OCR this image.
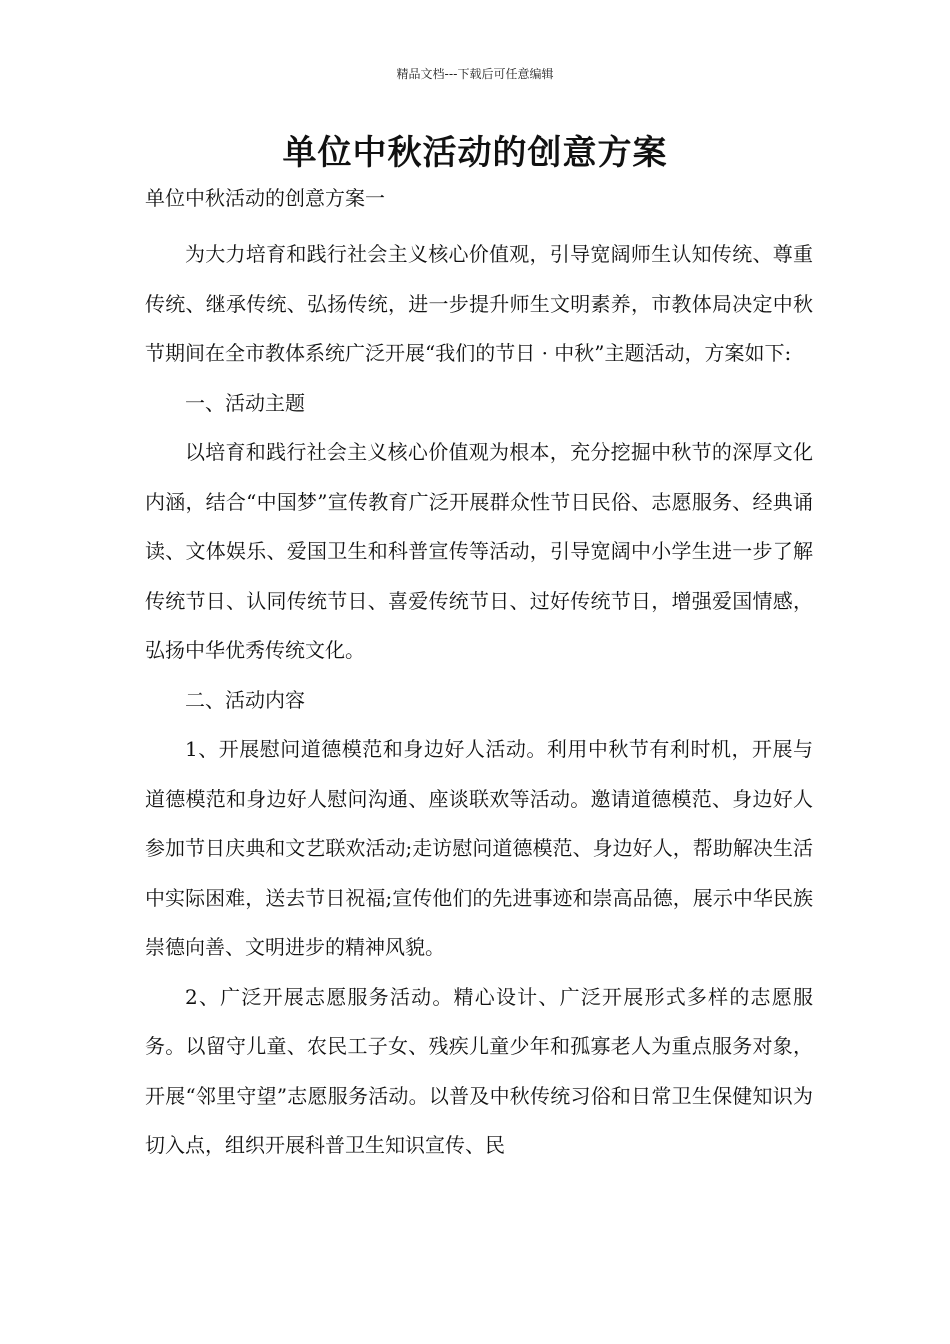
精品文档---下载后可任意编辑
单位中秋活动的创意方案
单位中秋活动的创意方案一

为大力培育和践行社会主义核心价值观，引导宽阔师生认知传统、尊重传统、继承传统、弘扬传统，进一步提升师生文明素养，市教体局决定中秋节期间在全市教体系统广泛开展“我们的节日 · 中秋”主题活动，方案如下:

一、活动主题

以培育和践行社会主义核心价值观为根本，充分挖掘中秋节的深厚文化内涵，结合“中国梦”宣传教育广泛开展群众性节日民俗、志愿服务、经典诵读、文体娱乐、爱国卫生和科普宣传等活动，引导宽阔中小学生进一步了解传统节日、认同传统节日、喜爱传统节日、过好传统节日，增强爱国情感，弘扬中华优秀传统文化。

二、活动内容

1、开展慰问道德模范和身边好人活动。利用中秋节有利时机，开展与道德模范和身边好人慰问沟通、座谈联欢等活动。邀请道德模范、身边好人参加节日庆典和文艺联欢活动;走访慰问道德模范、身边好人，帮助解决生活中实际困难，送去节日祝福;宣传他们的先进事迹和崇高品德，展示中华民族崇德向善、文明进步的精神风貌。

2、广泛开展志愿服务活动。精心设计、广泛开展形式多样的志愿服务。以留守儿童、农民工子女、残疾儿童少年和孤寡老人为重点服务对象，开展“邻里守望”志愿服务活动。以普及中秋传统习俗和日常卫生保健知识为切入点，组织开展科普卫生知识宣传、民
